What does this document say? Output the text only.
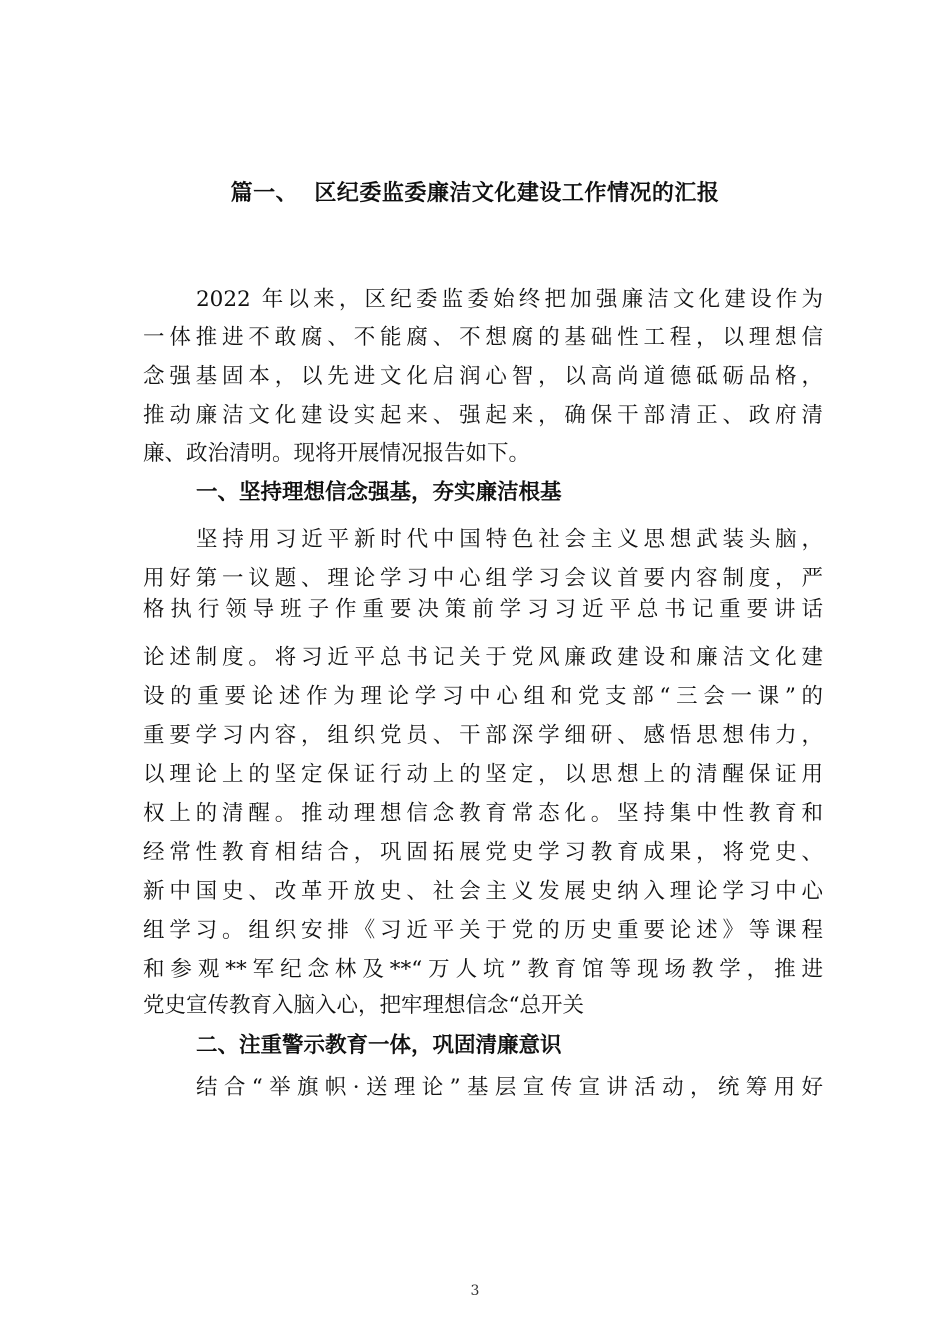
篇一、  区纪委监委廉洁文化建设工作情况的汇报
2022 年以来，区纪委监委始终把加强廉洁文化建设作为
一体推进不敢腐、不能腐、不想腐的基础性工程，以理想信
念强基固本，以先进文化启润心智，以高尚道德砥砺品格，
推动廉洁文化建设实起来、强起来，确保干部清正、政府清
廉、政治清明。现将开展情况报告如下。
一、坚持理想信念强基，夯实廉洁根基
坚持用习近平新时代中国特色社会主义思想武装头脑，
用好第一议题、理论学习中心组学习会议首要内容制度，严
格执行领导班子作重要决策前学习习近平总书记重要讲话
论述制度。将习近平总书记关于党风廉政建设和廉洁文化建
设的重要论述作为理论学习中心组和党支部“三会一课”的
重要学习内容，组织党员、干部深学细研、感悟思想伟力，
以理论上的坚定保证行动上的坚定，以思想上的清醒保证用
权上的清醒。推动理想信念教育常态化。坚持集中性教育和
经常性教育相结合，巩固拓展党史学习教育成果，将党史、
新中国史、改革开放史、社会主义发展史纳入理论学习中心
组学习。组织安排《习近平关于党的历史重要论述》等课程
和参观**军纪念林及**“万人坑”教育馆等现场教学，推进
党史宣传教育入脑入心，把牢理想信念“总开关
二、注重警示教育一体，巩固清廉意识
结合“举旗帜·送理论”基层宣传宣讲活动，统筹用好
3
